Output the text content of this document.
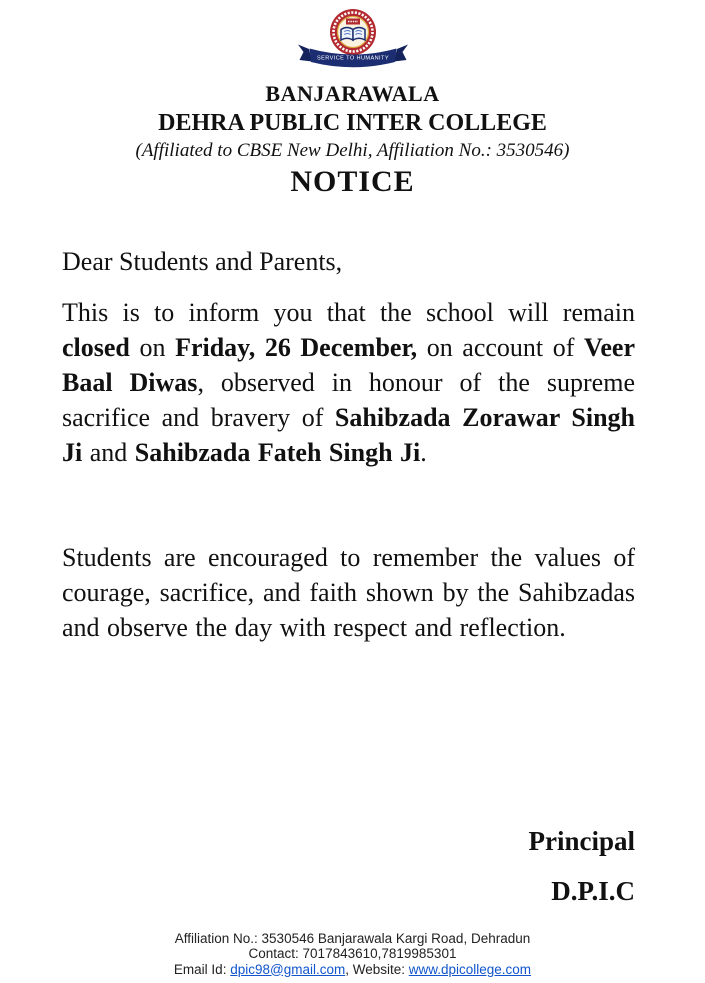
SERVICE TO HUMANITY
BANJARAWALA
DEHRA PUBLIC INTER COLLEGE
(Affiliated to CBSE New Delhi, Affiliation No.: 3530546)
NOTICE

Dear Students and Parents,

This is to inform you that the school will remain closed on Friday, 26 December, on account of Veer Baal Diwas, observed in honour of the supreme sacrifice and bravery of Sahibzada Zorawar Singh Ji and Sahibzada Fateh Singh Ji.

Students are encouraged to remember the values of courage, sacrifice, and faith shown by the Sahibzadas and observe the day with respect and reflection.

Principal
D.P.I.C
Affiliation No.: 3530546 Banjarawala Kargi Road, Dehradun
Contact: 7017843610,7819985301
Email Id: dpic98@gmail.com, Website: www.dpicollege.com
